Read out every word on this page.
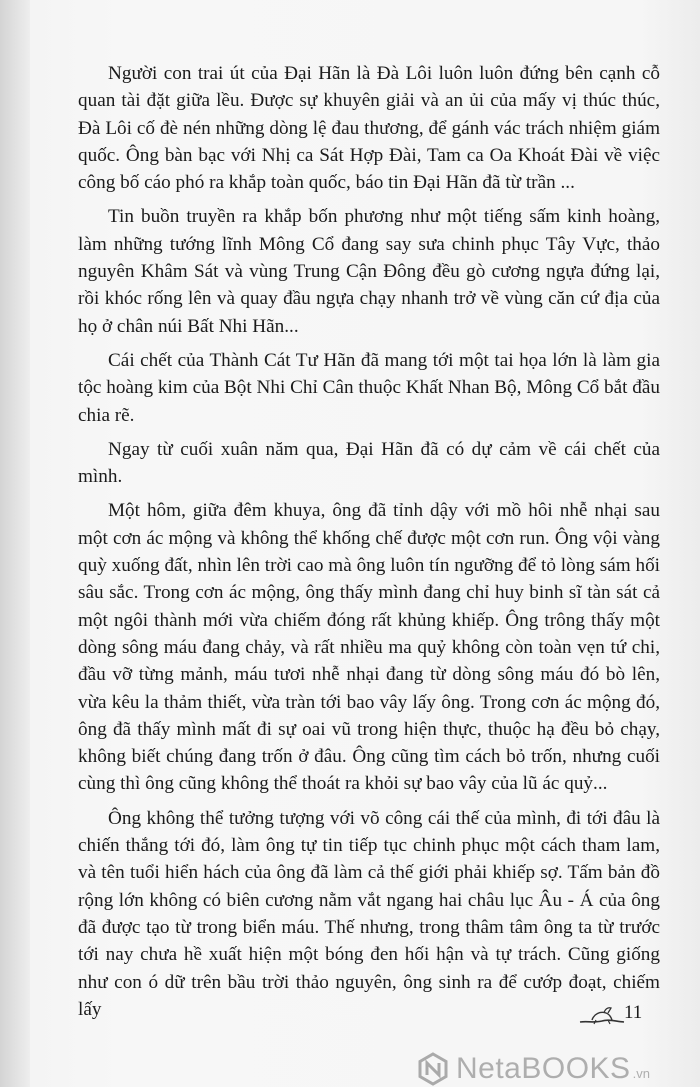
Người con trai út của Đại Hãn là Đà Lôi luôn luôn đứng bên cạnh cỗ quan tài đặt giữa lều. Được sự khuyên giải và an ủi của mấy vị thúc thúc, Đà Lôi cố đè nén những dòng lệ đau thương, để gánh vác trách nhiệm giám quốc. Ông bàn bạc với Nhị ca Sát Hợp Đài, Tam ca Oa Khoát Đài về việc công bố cáo phó ra khắp toàn quốc, báo tin Đại Hãn đã từ trần ...

Tin buồn truyền ra khắp bốn phương như một tiếng sấm kinh hoàng, làm những tướng lĩnh Mông Cổ đang say sưa chinh phục Tây Vực, thảo nguyên Khâm Sát và vùng Trung Cận Đông đều gò cương ngựa đứng lại, rồi khóc rống lên và quay đầu ngựa chạy nhanh trở về vùng căn cứ địa của họ ở chân núi Bất Nhi Hãn...

Cái chết của Thành Cát Tư Hãn đã mang tới một tai họa lớn là làm gia tộc hoàng kim của Bột Nhi Chỉ Cân thuộc Khất Nhan Bộ, Mông Cổ bắt đầu chia rẽ.

Ngay từ cuối xuân năm qua, Đại Hãn đã có dự cảm về cái chết của mình.

Một hôm, giữa đêm khuya, ông đã tỉnh dậy với mồ hôi nhễ nhại sau một cơn ác mộng và không thể khống chế được một cơn run. Ông vội vàng quỳ xuống đất, nhìn lên trời cao mà ông luôn tín ngưỡng để tỏ lòng sám hối sâu sắc. Trong cơn ác mộng, ông thấy mình đang chỉ huy binh sĩ tàn sát cả một ngôi thành mới vừa chiếm đóng rất khủng khiếp. Ông trông thấy một dòng sông máu đang chảy, và rất nhiều ma quỷ không còn toàn vẹn tứ chi, đầu vỡ từng mảnh, máu tươi nhễ nhại đang từ dòng sông máu đó bò lên, vừa kêu la thảm thiết, vừa tràn tới bao vây lấy ông. Trong cơn ác mộng đó, ông đã thấy mình mất đi sự oai vũ trong hiện thực, thuộc hạ đều bỏ chạy, không biết chúng đang trốn ở đâu. Ông cũng tìm cách bỏ trốn, nhưng cuối cùng thì ông cũng không thể thoát ra khỏi sự bao vây của lũ ác quỷ...

Ông không thể tưởng tượng với võ công cái thế của mình, đi tới đâu là chiến thắng tới đó, làm ông tự tin tiếp tục chinh phục một cách tham lam, và tên tuổi hiển hách của ông đã làm cả thế giới phải khiếp sợ. Tấm bản đồ rộng lớn không có biên cương nằm vắt ngang hai châu lục Âu - Á của ông đã được tạo từ trong biển máu. Thế nhưng, trong thâm tâm ông ta từ trước tới nay chưa hề xuất hiện một bóng đen hối hận và tự trách. Cũng giống như con ó dữ trên bầu trời thảo nguyên, ông sinh ra để cướp đoạt, chiếm lấy	11
NetaBOOKS .vn
